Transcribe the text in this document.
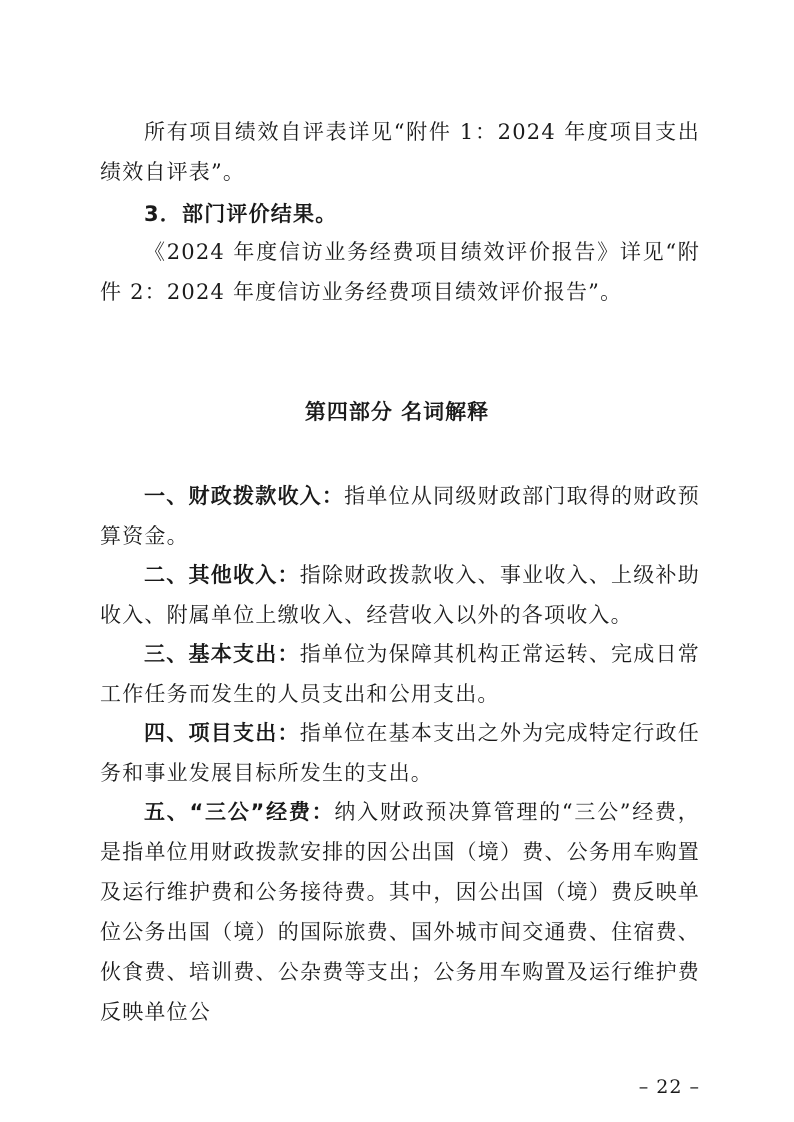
所有项目绩效自评表详见“附件 1：2024 年度项目支出绩效自评表”。

3．部门评价结果。

《2024 年度信访业务经费项目绩效评价报告》详见“附件 2：2024 年度信访业务经费项目绩效评价报告”。

第四部分 名词解释

一、财政拨款收入：指单位从同级财政部门取得的财政预算资金。

二、其他收入：指除财政拨款收入、事业收入、上级补助收入、附属单位上缴收入、经营收入以外的各项收入。

三、基本支出：指单位为保障其机构正常运转、完成日常工作任务而发生的人员支出和公用支出。

四、项目支出：指单位在基本支出之外为完成特定行政任务和事业发展目标所发生的支出。

五、“三公”经费：纳入财政预决算管理的“三公”经费，是指单位用财政拨款安排的因公出国（境）费、公务用车购置及运行维护费和公务接待费。其中，因公出国（境）费反映单位公务出国（境）的国际旅费、国外城市间交通费、住宿费、伙食费、培训费、公杂费等支出；公务用车购置及运行维护费反映单位公

– 22 –
